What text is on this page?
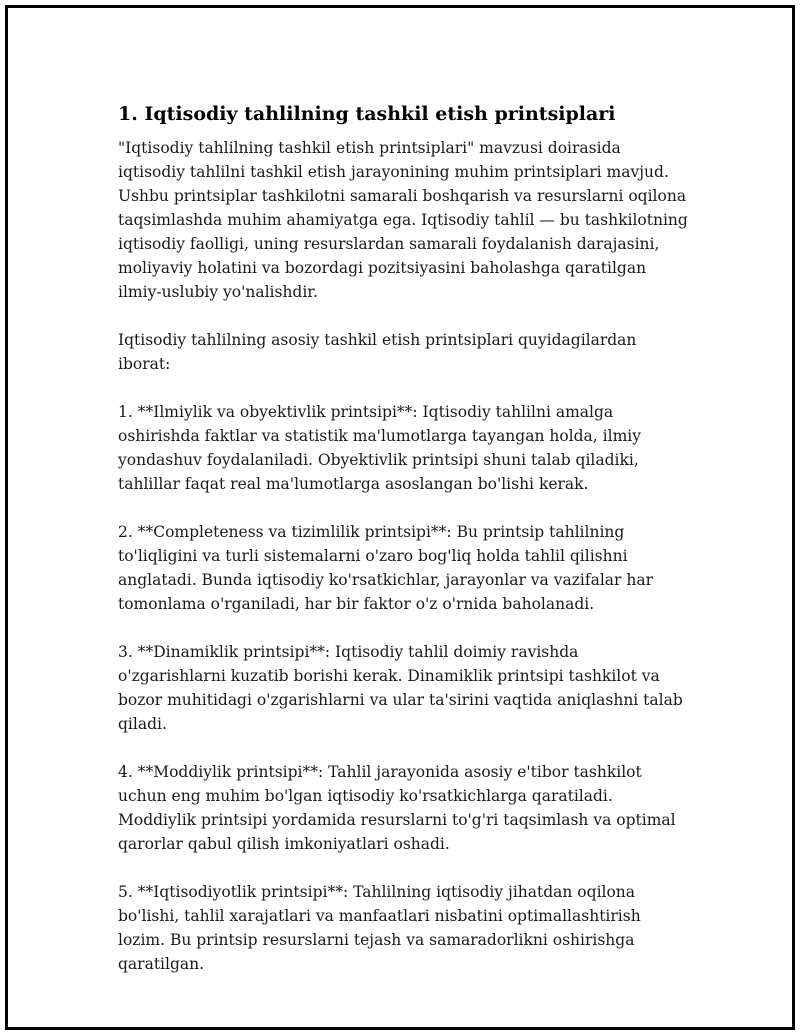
1. Iqtisodiy tahlilning tashkil etish printsiplari

"Iqtisodiy tahlilning tashkil etish printsiplari" mavzusi doirasida iqtisodiy tahlilni tashkil etish jarayonining muhim printsiplari mavjud. Ushbu printsiplar tashkilotni samarali boshqarish va resurslarni oqilona taqsimlashda muhim ahamiyatga ega. Iqtisodiy tahlil — bu tashkilotning iqtisodiy faolligi, uning resurslardan samarali foydalanish darajasini, moliyaviy holatini va bozordagi pozitsiyasini baholashga qaratilgan ilmiy-uslubiy yo'nalishdir.

Iqtisodiy tahlilning asosiy tashkil etish printsiplari quyidagilardan iborat:

1. **Ilmiylik va obyektivlik printsipi**: Iqtisodiy tahlilni amalga oshirishda faktlar va statistik ma'lumotlarga tayangan holda, ilmiy yondashuv foydalaniladi. Obyektivlik printsipi shuni talab qiladiki, tahlillar faqat real ma'lumotlarga asoslangan bo'lishi kerak.

2. **Completeness va tizimlilik printsipi**: Bu printsip tahlilning to'liqligini va turli sistemalarni o'zaro bog'liq holda tahlil qilishni anglatadi. Bunda iqtisodiy ko'rsatkichlar, jarayonlar va vazifalar har tomonlama o'rganiladi, har bir faktor o'z o'rnida baholanadi.

3. **Dinamiklik printsipi**: Iqtisodiy tahlil doimiy ravishda o'zgarishlarni kuzatib borishi kerak. Dinamiklik printsipi tashkilot va bozor muhitidagi o'zgarishlarni va ular ta'sirini vaqtida aniqlashni talab qiladi.

4. **Moddiylik printsipi**: Tahlil jarayonida asosiy e'tibor tashkilot uchun eng muhim bo'lgan iqtisodiy ko'rsatkichlarga qaratiladi. Moddiylik printsipi yordamida resurslarni to'g'ri taqsimlash va optimal qarorlar qabul qilish imkoniyatlari oshadi.

5. **Iqtisodiyotlik printsipi**: Tahlilning iqtisodiy jihatdan oqilona bo'lishi, tahlil xarajatlari va manfaatlari nisbatini optimallashtirish lozim. Bu printsip resurslarni tejash va samaradorlikni oshirishga qaratilgan.
